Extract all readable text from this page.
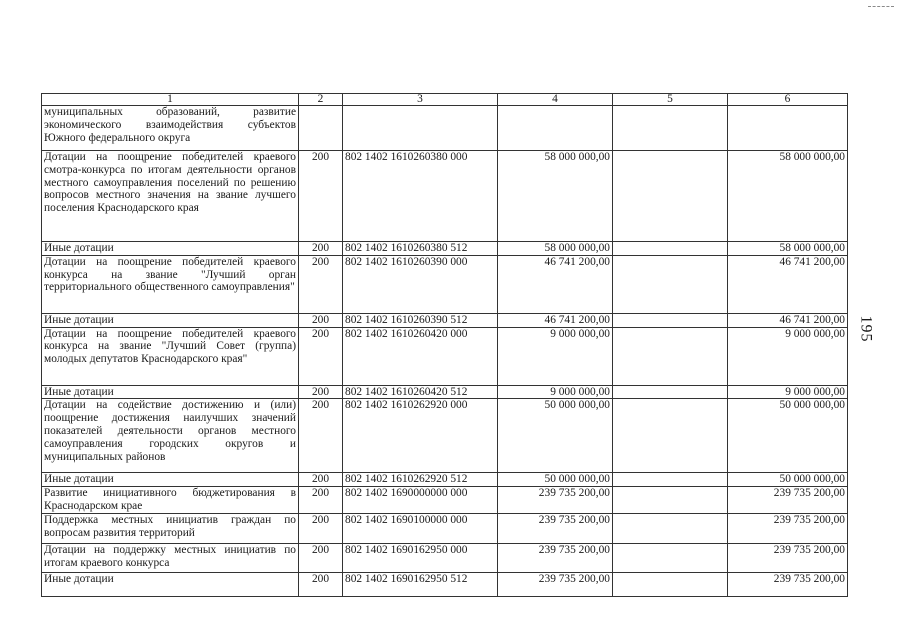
1	2	3	4	5	6
муниципальных образований, развитие экономического взаимодействия субъектов Южного федерального округа					
Дотации на поощрение победителей краевого смотра-конкурса по итогам деятельности органов местного самоуправления поселений по решению вопросов местного значения на звание лучшего поселения Краснодарского края	200	802 1402 1610260380 000	58 000 000,00		58 000 000,00
Иные дотации	200	802 1402 1610260380 512	58 000 000,00		58 000 000,00
Дотации на поощрение победителей краевого конкурса на звание "Лучший орган территориального общественного самоуправления"	200	802 1402 1610260390 000	46 741 200,00		46 741 200,00
Иные дотации	200	802 1402 1610260390 512	46 741 200,00		46 741 200,00
Дотации на поощрение победителей краевого конкурса на звание "Лучший Совет (группа) молодых депутатов Краснодарского края"	200	802 1402 1610260420 000	9 000 000,00		9 000 000,00
Иные дотации	200	802 1402 1610260420 512	9 000 000,00		9 000 000,00
Дотации на содействие достижению и (или) поощрение достижения наилучших значений показателей деятельности органов местного самоуправления городских округов и муниципальных районов	200	802 1402 1610262920 000	50 000 000,00		50 000 000,00
Иные дотации	200	802 1402 1610262920 512	50 000 000,00		50 000 000,00
Развитие инициативного бюджетирования в Краснодарском крае	200	802 1402 1690000000 000	239 735 200,00		239 735 200,00
Поддержка местных инициатив граждан по вопросам развития территорий	200	802 1402 1690100000 000	239 735 200,00		239 735 200,00
Дотации на поддержку местных инициатив по итогам краевого конкурса	200	802 1402 1690162950 000	239 735 200,00		239 735 200,00
Иные дотации	200	802 1402 1690162950 512	239 735 200,00		239 735 200,00
195
